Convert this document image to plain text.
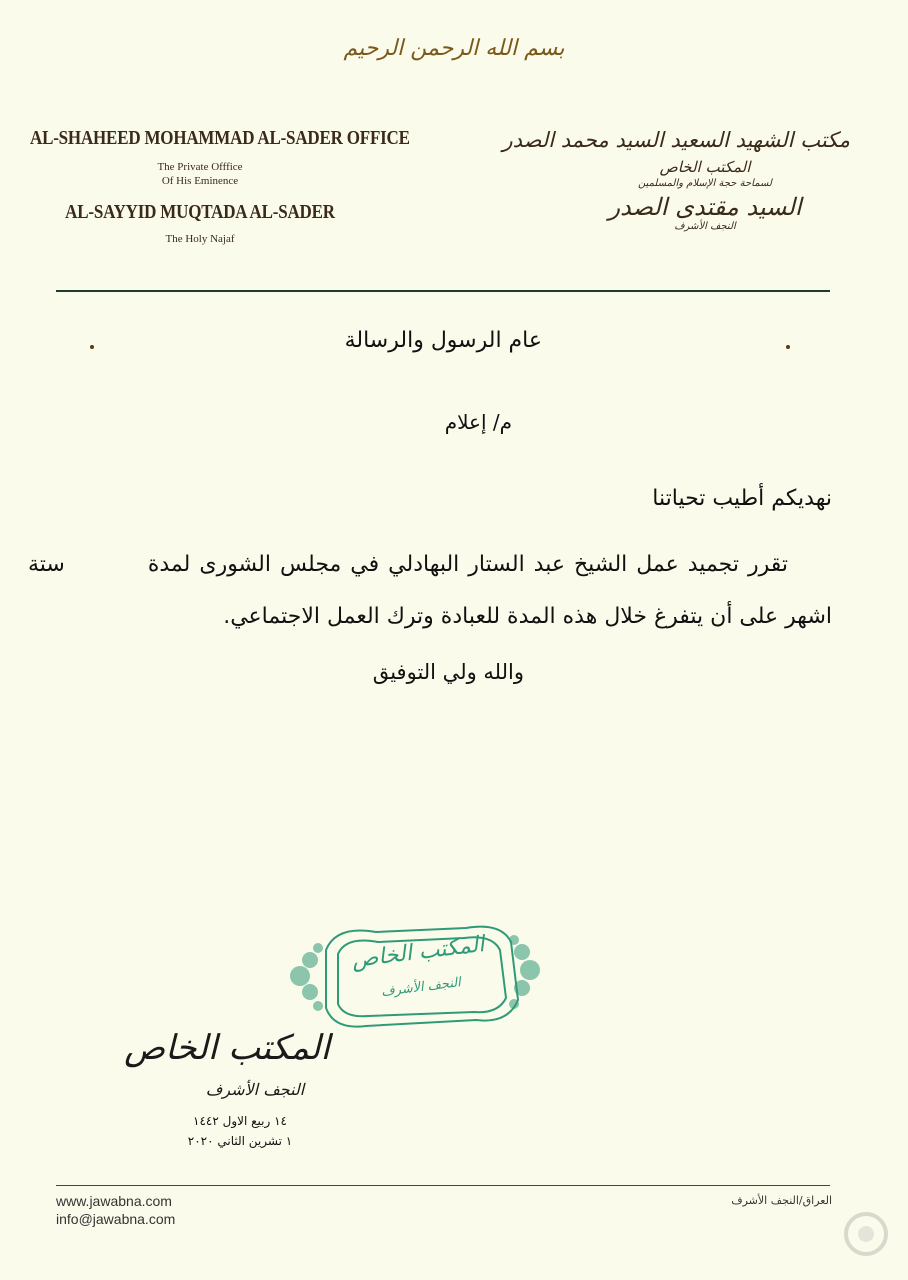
بسم الله الرحمن الرحيم
AL-SHAHEED MOHAMMAD AL-SADER OFFICE
The Private Offfice
Of His Eminence
AL-SAYYID MUQTADA AL-SADER
The Holy Najaf
مكتب الشهيد السعيد السيد محمد الصدر
المكتب الخاص
لسماحة حجة الإسلام والمسلمين
السيد مقتدى الصدر
النجف الأشرف
عام الرسول والرسالة
م/ إعلام
نهديكم أطيب تحياتنا
تقرر تجميد عمل الشيخ عبد الستار البهادلي في مجلس الشورى لمدة
ستة
اشهر على أن يتفرغ خلال هذه المدة للعبادة وترك العمل الاجتماعي.
والله ولي التوفيق
المكتب الخاص
النجف الأشرف
المكتب الخاص
النجف الأشرف
١٤ ربيع الاول ١٤٤٢
١ تشرين الثاني ٢٠٢٠
www.jawabna.com
info@jawabna.com
العراق/النجف الأشرف
